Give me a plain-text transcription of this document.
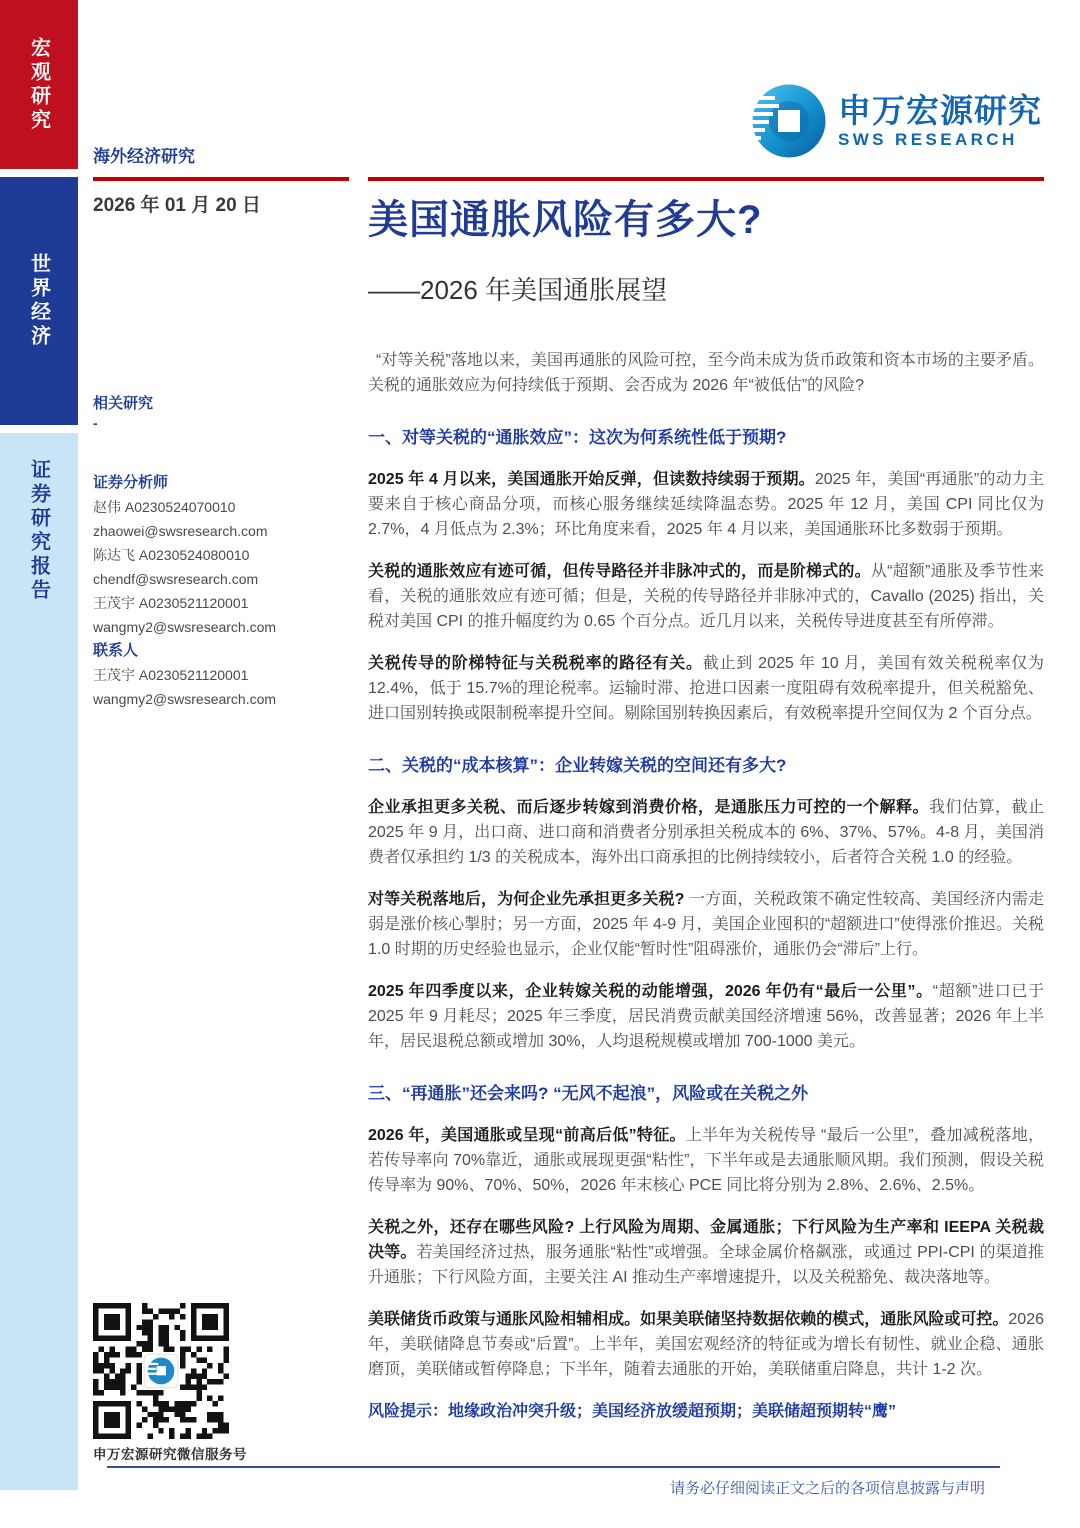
宏观研究
世界经济
证券研究报告
海外经济研究
2026 年 01 月 20 日
相关研究
-
证券分析师
赵伟 A0230524070010
zhaowei@swsresearch.com
陈达飞 A0230524080010
chendf@swsresearch.com
王茂宇 A0230521120001
wangmy2@swsresearch.com
联系人
王茂宇 A0230521120001
wangmy2@swsresearch.com
申万宏源研究微信服务号
申万宏源研究
SWS RESEARCH
美国通胀风险有多大?
——2026 年美国通胀展望
“对等关税”落地以来，美国再通胀的风险可控，至今尚未成为货币政策和资本市场的主要矛盾。关税的通胀效应为何持续低于预期、会否成为 2026 年“被低估”的风险?
一、对等关税的“通胀效应”：这次为何系统性低于预期?

2025 年 4 月以来，美国通胀开始反弹，但读数持续弱于预期。2025 年，美国“再通胀”的动力主要来自于核心商品分项，而核心服务继续延续降温态势。2025 年 12 月，美国 CPI 同比仅为 2.7%，4 月低点为 2.3%；环比角度来看，2025 年 4 月以来，美国通胀环比多数弱于预期。

关税的通胀效应有迹可循，但传导路径并非脉冲式的，而是阶梯式的。从“超额”通胀及季节性来看，关税的通胀效应有迹可循；但是，关税的传导路径并非脉冲式的，Cavallo (2025) 指出，关税对美国 CPI 的推升幅度约为 0.65 个百分点。近几月以来，关税传导进度甚至有所停滞。

关税传导的阶梯特征与关税税率的路径有关。截止到 2025 年 10 月，美国有效关税税率仅为 12.4%，低于 15.7%的理论税率。运输时滞、抢进口因素一度阻碍有效税率提升，但关税豁免、进口国别转换或限制税率提升空间。剔除国别转换因素后，有效税率提升空间仅为 2 个百分点。

二、关税的“成本核算”：企业转嫁关税的空间还有多大?

企业承担更多关税、而后逐步转嫁到消费价格，是通胀压力可控的一个解释。我们估算，截止 2025 年 9 月，出口商、进口商和消费者分别承担关税成本的 6%、37%、57%。4-8 月，美国消费者仅承担约 1/3 的关税成本，海外出口商承担的比例持续较小，后者符合关税 1.0 的经验。

对等关税落地后，为何企业先承担更多关税? 一方面，关税政策不确定性较高、美国经济内需走弱是涨价核心掣肘；另一方面，2025 年 4-9 月，美国企业囤积的“超额进口”使得涨价推迟。关税 1.0 时期的历史经验也显示，企业仅能“暂时性”阻碍涨价，通胀仍会“滞后”上行。

2025 年四季度以来，企业转嫁关税的动能增强，2026 年仍有“最后一公里”。“超额”进口已于 2025 年 9 月耗尽；2025 年三季度，居民消费贡献美国经济增速 56%，改善显著；2026 年上半年，居民退税总额或增加 30%，人均退税规模或增加 700-1000 美元。

三、“再通胀”还会来吗? “无风不起浪”，风险或在关税之外

2026 年，美国通胀或呈现“前高后低”特征。上半年为关税传导 “最后一公里”，叠加减税落地，若传导率向 70%靠近，通胀或展现更强“粘性”，下半年或是去通胀顺风期。我们预测，假设关税传导率为 90%、70%、50%，2026 年末核心 PCE 同比将分别为 2.8%、2.6%、2.5%。

关税之外，还存在哪些风险? 上行风险为周期、金属通胀；下行风险为生产率和 IEEPA 关税裁决等。若美国经济过热，服务通胀“粘性”或增强。全球金属价格飙涨，或通过 PPI-CPI 的渠道推升通胀；下行风险方面，主要关注 AI 推动生产率增速提升，以及关税豁免、裁决落地等。

美联储货币政策与通胀风险相辅相成。如果美联储坚持数据依赖的模式，通胀风险或可控。2026 年，美联储降息节奏或“后置”。上半年，美国宏观经济的特征或为增长有韧性、就业企稳、通胀磨顶，美联储或暂停降息；下半年，随着去通胀的开始，美联储重启降息，共计 1-2 次。

风险提示：地缘政治冲突升级；美国经济放缓超预期；美联储超预期转“鹰”
请务必仔细阅读正文之后的各项信息披露与声明
